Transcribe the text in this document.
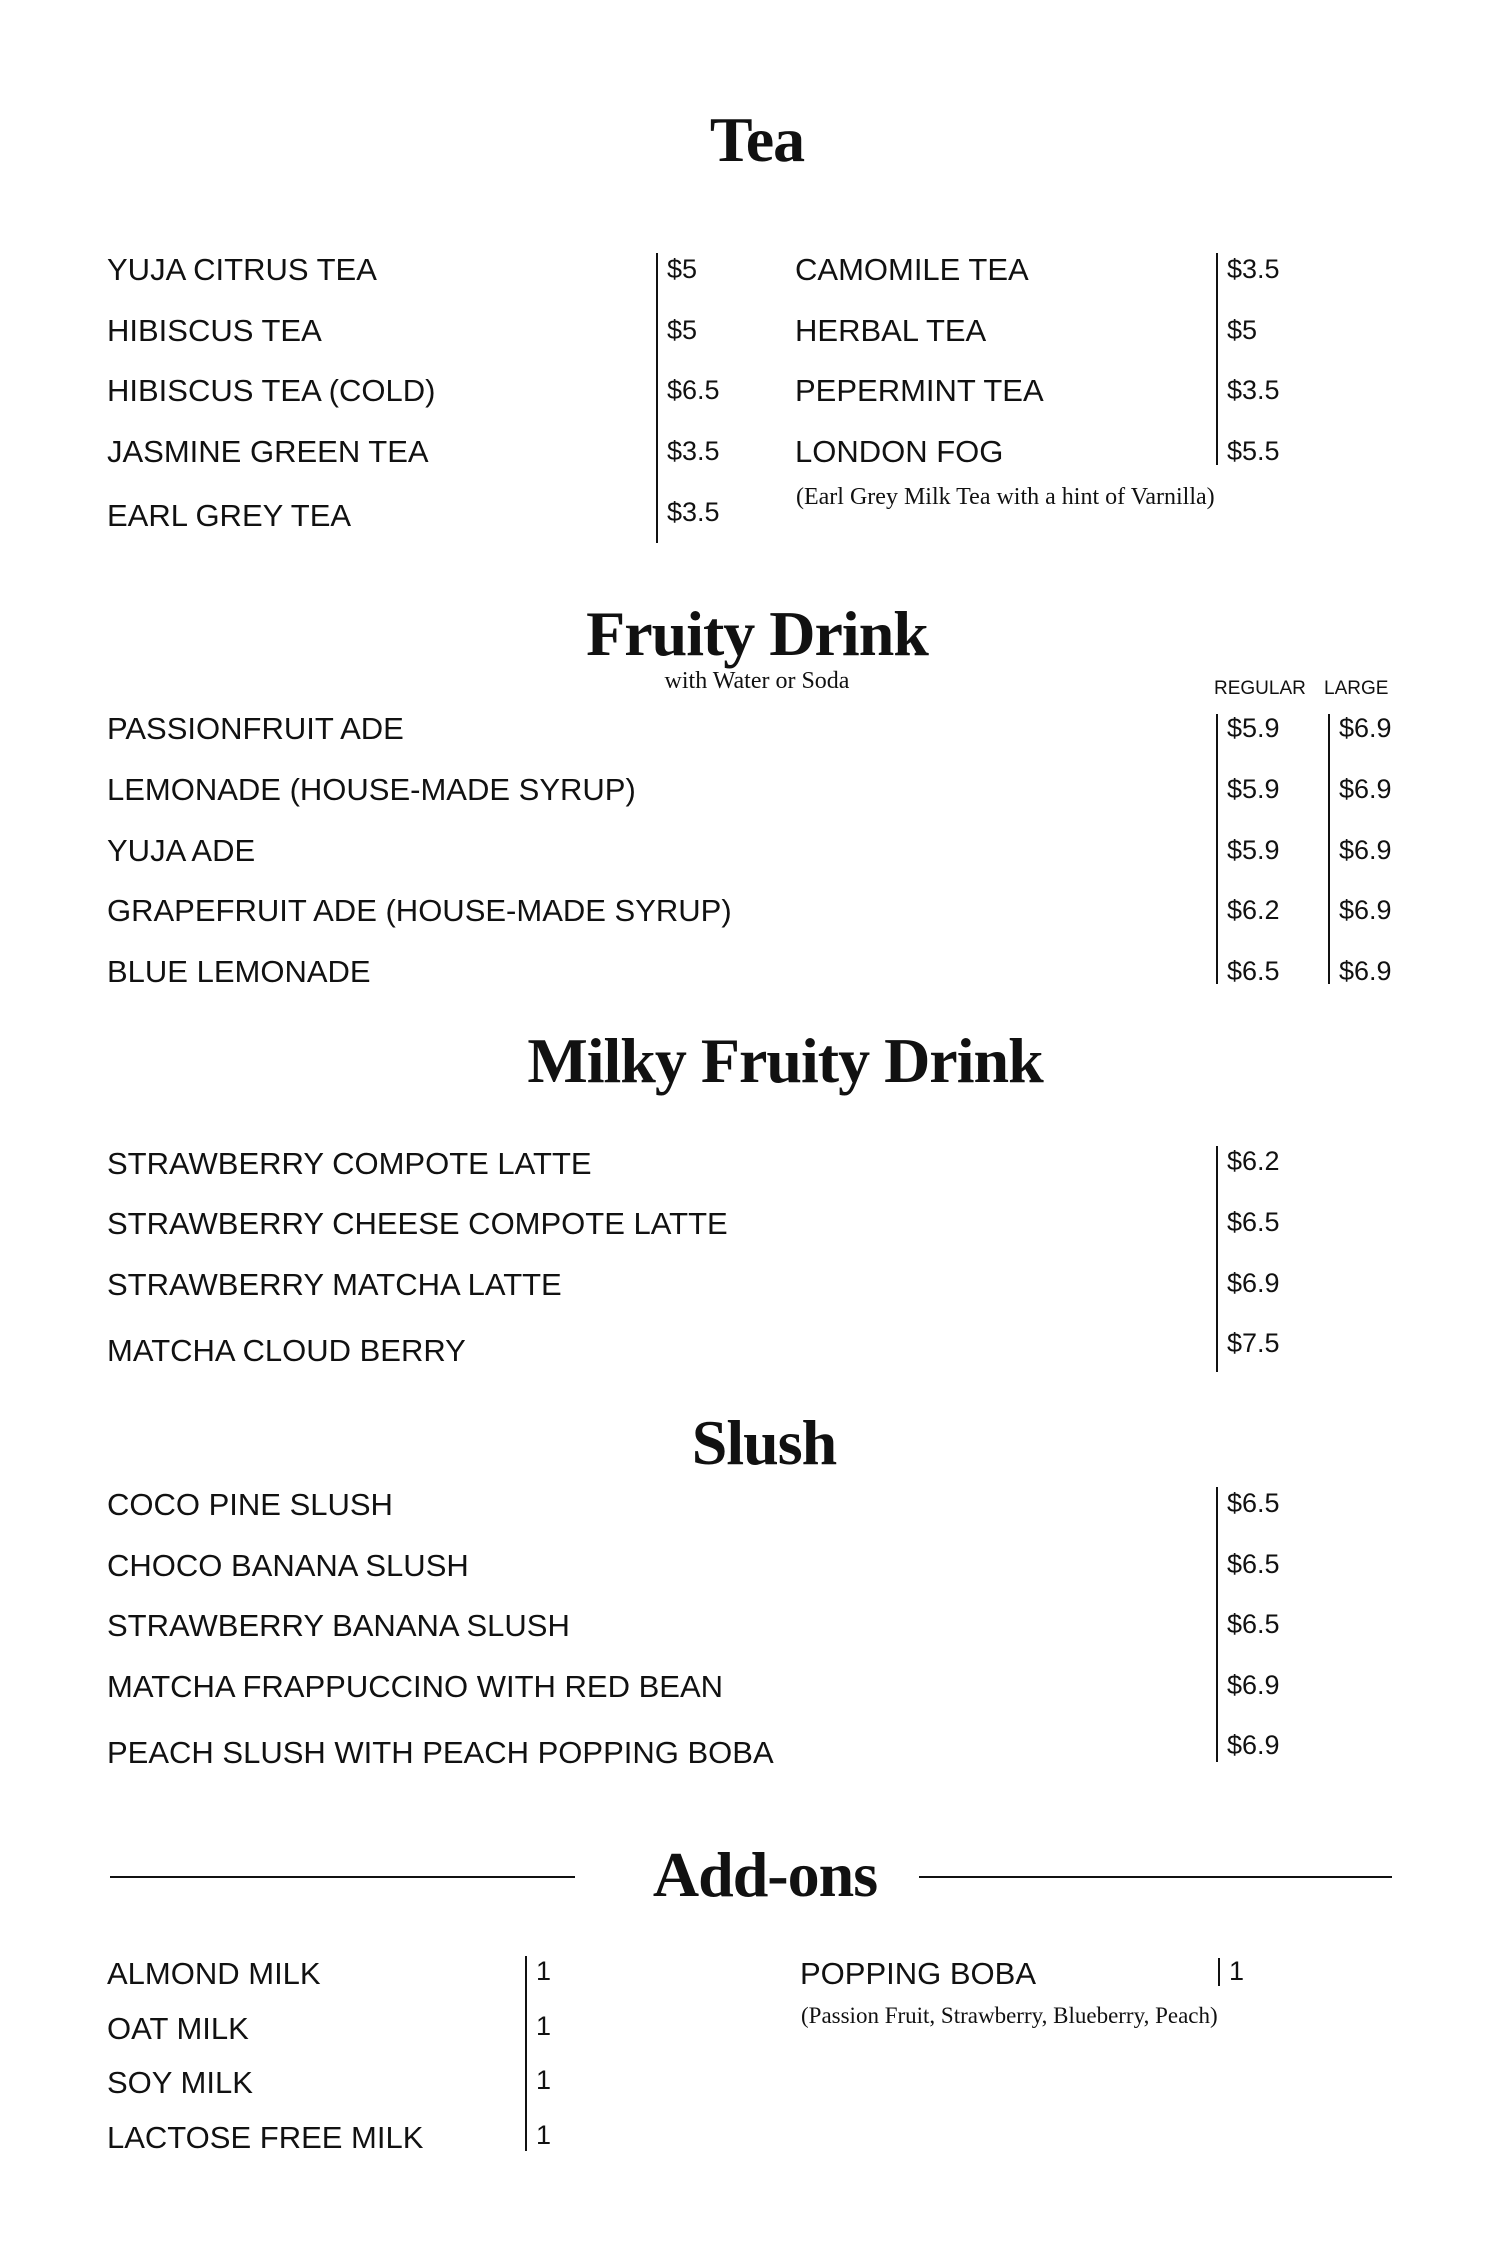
Tea
YUJA CITRUS TEA
HIBISCUS TEA
HIBISCUS TEA (COLD)
JASMINE GREEN TEA
EARL GREY TEA
$5
$5
$6.5
$3.5
$3.5
CAMOMILE TEA
HERBAL TEA
PEPERMINT TEA
LONDON FOG
(Earl Grey Milk Tea with a hint of Varnilla)
$3.5
$5
$3.5
$5.5
Fruity Drink
with Water or Soda	REGULAR LARGE
PASSIONFRUIT ADE
LEMONADE (HOUSE-MADE SYRUP)
YUJA ADE
GRAPEFRUIT ADE (HOUSE-MADE SYRUP)
BLUE LEMONADE
$5.9
$5.9
$5.9
$6.2
$6.5
$6.9
$6.9
$6.9
$6.9
$6.9
Milky Fruity Drink
STRAWBERRY COMPOTE LATTE
STRAWBERRY CHEESE COMPOTE LATTE
STRAWBERRY MATCHA LATTE
MATCHA CLOUD BERRY
$6.2
$6.5
$6.9
$7.5
Slush
COCO PINE SLUSH
CHOCO BANANA SLUSH
STRAWBERRY BANANA SLUSH
MATCHA FRAPPUCCINO WITH RED BEAN
PEACH SLUSH WITH PEACH POPPING BOBA
$6.5
$6.5
$6.5
$6.9
$6.9
Add-ons
ALMOND MILK
OAT MILK
SOY MILK
LACTOSE FREE MILK
1
1
1
1
POPPING BOBA	1
(Passion Fruit, Strawberry, Blueberry, Peach)
